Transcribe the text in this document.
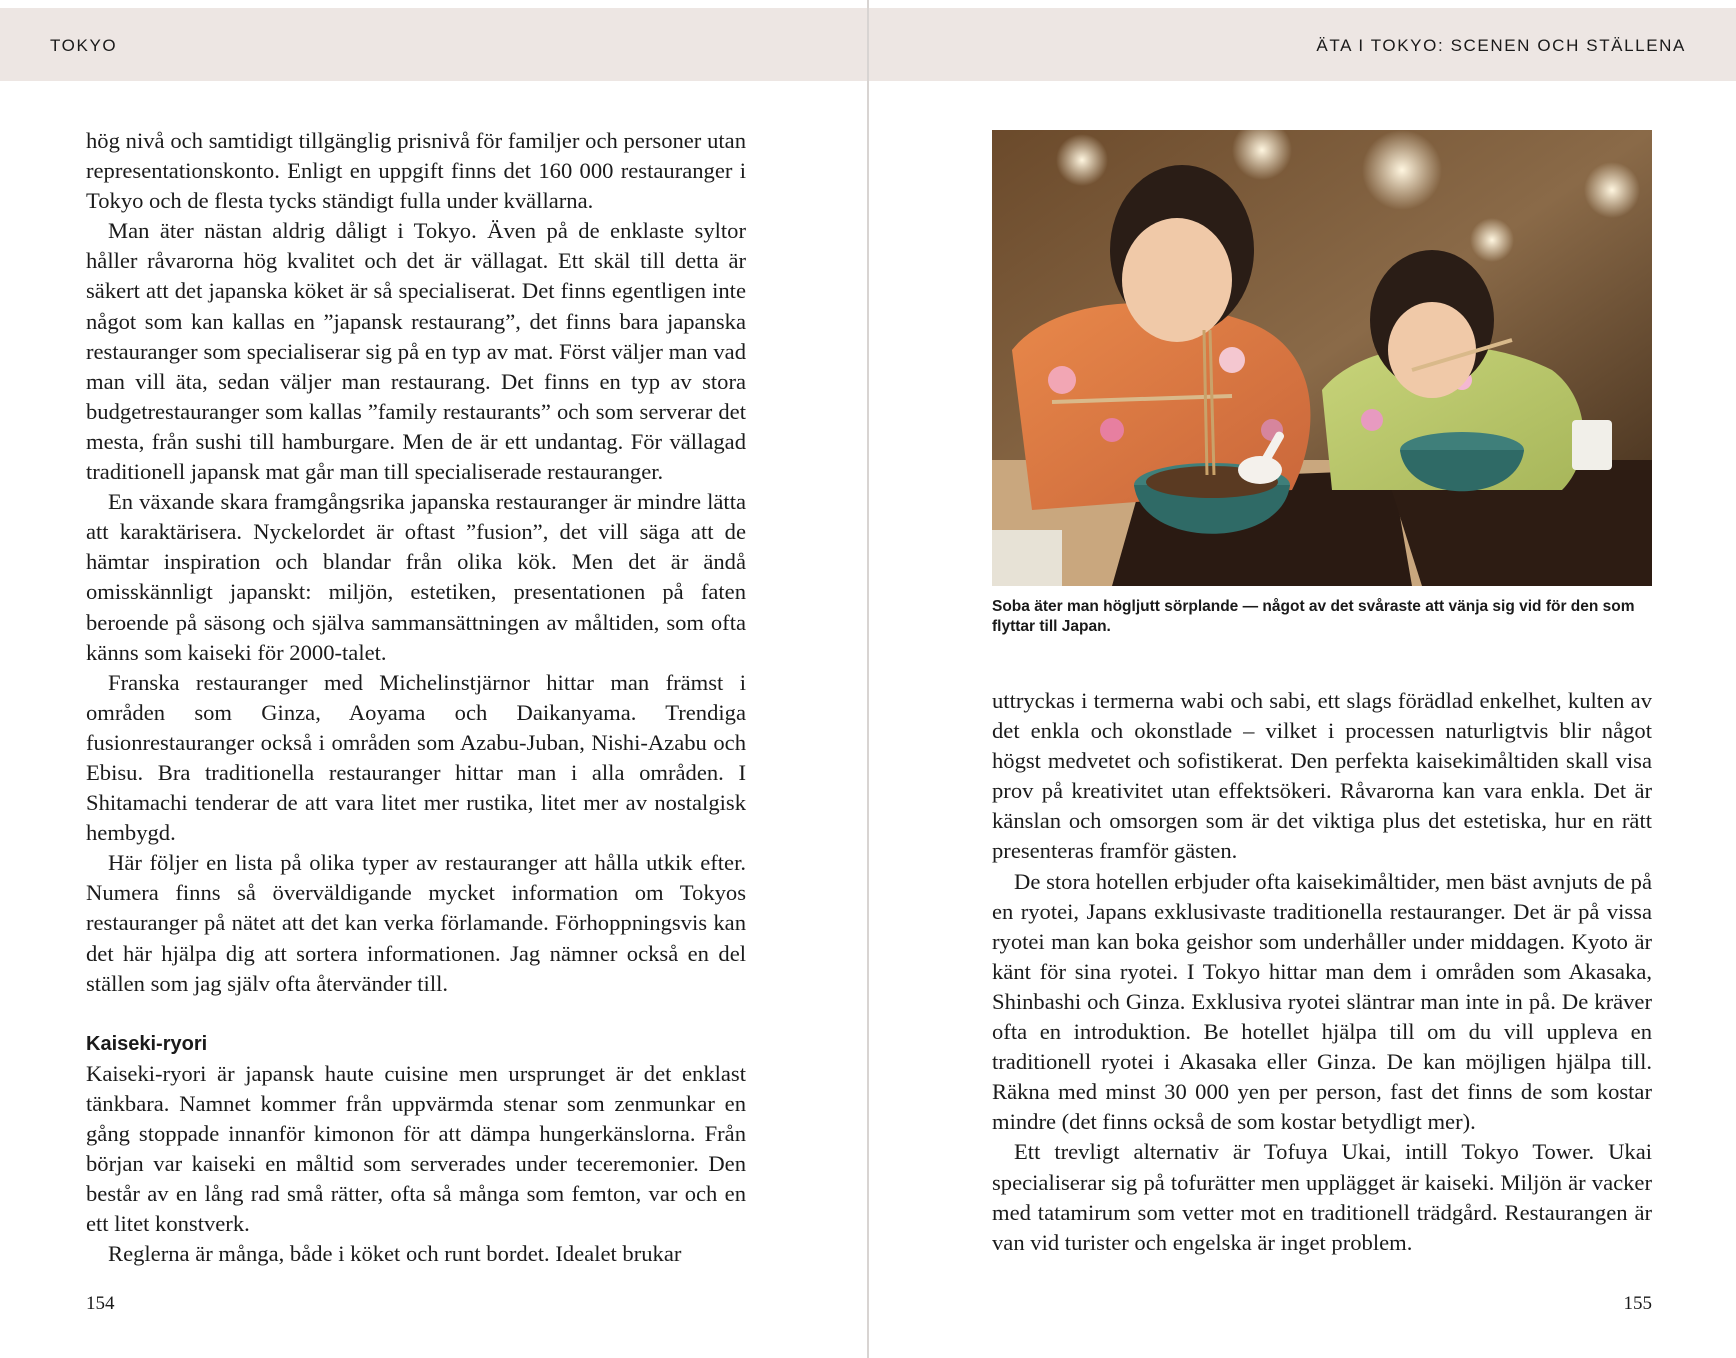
TOKYO

hög nivå och samtidigt tillgänglig prisnivå för familjer och personer utan representationskonto. Enligt en uppgift finns det 160 000 restauranger i Tokyo och de flesta tycks ständigt fulla under kvällarna.

Man äter nästan aldrig dåligt i Tokyo. Även på de enklaste syltor håller råvarorna hög kvalitet och det är vällagat. Ett skäl till detta är säkert att det japanska köket är så specialiserat. Det finns egentligen inte något som kan kallas en ”japansk restaurang”, det finns bara japanska restauranger som specialiserar sig på en typ av mat. Först väljer man vad man vill äta, sedan väljer man restaurang. Det finns en typ av stora budgetrestauranger som kallas ”family restaurants” och som serverar det mesta, från sushi till hamburgare. Men de är ett undantag. För vällagad traditionell japansk mat går man till specialiserade restauranger.

En växande skara framgångsrika japanska restauranger är mindre lätta att karaktärisera. Nyckelordet är oftast ”fusion”, det vill säga att de hämtar inspiration och blandar från olika kök. Men det är ändå omisskännligt japanskt: miljön, estetiken, presentationen på faten beroende på säsong och själva sammansättningen av måltiden, som ofta känns som kaiseki för 2000-talet.

Franska restauranger med Michelinstjärnor hittar man främst i områden som Ginza, Aoyama och Daikanyama. Trendiga fusionrestauranger också i områden som Azabu-Juban, Nishi-Azabu och Ebisu. Bra traditionella restauranger hittar man i alla områden. I Shitamachi tenderar de att vara litet mer rustika, litet mer av nostalgisk hembygd.

Här följer en lista på olika typer av restauranger att hålla utkik efter. Numera finns så överväldigande mycket information om Tokyos restauranger på nätet att det kan verka förlamande. Förhoppningsvis kan det här hjälpa dig att sortera informationen. Jag nämner också en del ställen som jag själv ofta återvänder till.

Kaiseki-ryori

Kaiseki-ryori är japansk haute cuisine men ursprunget är det enklast tänkbara. Namnet kommer från uppvärmda stenar som zenmunkar en gång stoppade innanför kimonon för att dämpa hungerkänslorna. Från början var kaiseki en måltid som serverades under teceremonier. Den består av en lång rad små rätter, ofta så många som femton, var och en ett litet konstverk.

Reglerna är många, både i köket och runt bordet. Idealet brukar

154
ÄTA I TOKYO: SCENEN OCH STÄLLENA
Soba äter man högljutt sörplande — något av det svåraste att vänja sig vid för den som flyttar till Japan.

uttryckas i termerna wabi och sabi, ett slags förädlad enkelhet, kulten av det enkla och okonstlade – vilket i processen naturligtvis blir något högst medvetet och sofistikerat. Den perfekta kaisekimåltiden skall visa prov på kreativitet utan effektsökeri. Råvarorna kan vara enkla. Det är känslan och omsorgen som är det viktiga plus det estetiska, hur en rätt presenteras framför gästen.

De stora hotellen erbjuder ofta kaisekimåltider, men bäst avnjuts de på en ryotei, Japans exklusivaste traditionella restauranger. Det är på vissa ryotei man kan boka geishor som underhåller under middagen. Kyoto är känt för sina ryotei. I Tokyo hittar man dem i områden som Akasaka, Shinbashi och Ginza. Exklusiva ryotei släntrar man inte in på. De kräver ofta en introduktion. Be hotellet hjälpa till om du vill uppleva en traditionell ryotei i Akasaka eller Ginza. De kan möjligen hjälpa till. Räkna med minst 30 000 yen per person, fast det finns de som kostar mindre (det finns också de som kostar betydligt mer).

Ett trevligt alternativ är Tofuya Ukai, intill Tokyo Tower. Ukai specialiserar sig på tofurätter men upplägget är kaiseki. Miljön är vacker med tatamirum som vetter mot en traditionell trädgård. Restaurangen är van vid turister och engelska är inget problem.

155
